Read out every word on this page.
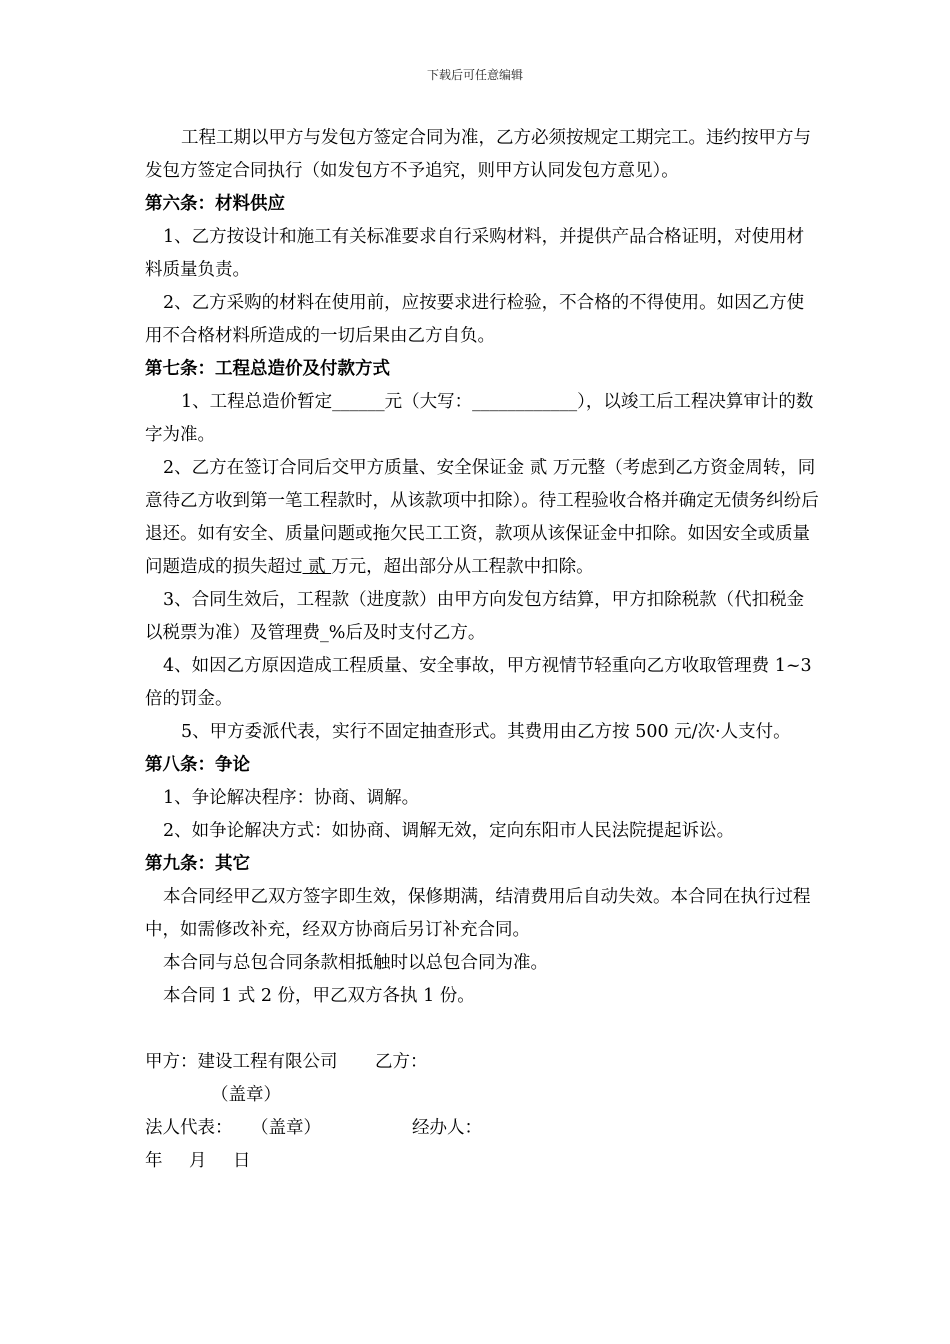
下载后可任意编辑

工程工期以甲方与发包方签定合同为准，乙方必须按规定工期完工。违约按甲方与发包方签定合同执行（如发包方不予追究，则甲方认同发包方意见）。

第六条：材料供应

1、乙方按设计和施工有关标准要求自行采购材料，并提供产品合格证明，对使用材料质量负责。

2、乙方采购的材料在使用前，应按要求进行检验，不合格的不得使用。如因乙方使用不合格材料所造成的一切后果由乙方自负。

第七条：工程总造价及付款方式

1、工程总造价暂定______元（大写：____________），以竣工后工程决算审计的数字为准。

2、乙方在签订合同后交甲方质量、安全保证金 贰 万元整（考虑到乙方资金周转，同意待乙方收到第一笔工程款时，从该款项中扣除）。待工程验收合格并确定无债务纠纷后退还。如有安全、质量问题或拖欠民工工资，款项从该保证金中扣除。如因安全或质量问题造成的损失超过 贰 万元，超出部分从工程款中扣除。

3、合同生效后，工程款（进度款）由甲方向发包方结算，甲方扣除税款（代扣税金以税票为准）及管理费_%后及时支付乙方。

4、如因乙方原因造成工程质量、安全事故，甲方视情节轻重向乙方收取管理费 1~3 倍的罚金。

5、甲方委派代表，实行不固定抽查形式。其费用由乙方按 500 元/次·人支付。

第八条：争论

1、争论解决程序：协商、调解。

2、如争论解决方式：如协商、调解无效，定向东阳市人民法院提起诉讼。

第九条：其它

本合同经甲乙双方签字即生效，保修期满，结清费用后自动失效。本合同在执行过程中，如需修改补充，经双方协商后另订补充合同。

本合同与总包合同条款相抵触时以总包合同为准。

本合同 1 式 2 份，甲乙双方各执 1 份。

甲方：建设工程有限公司 乙方：
（盖章）
法人代表： （盖章）	经办人：
年 月 日
